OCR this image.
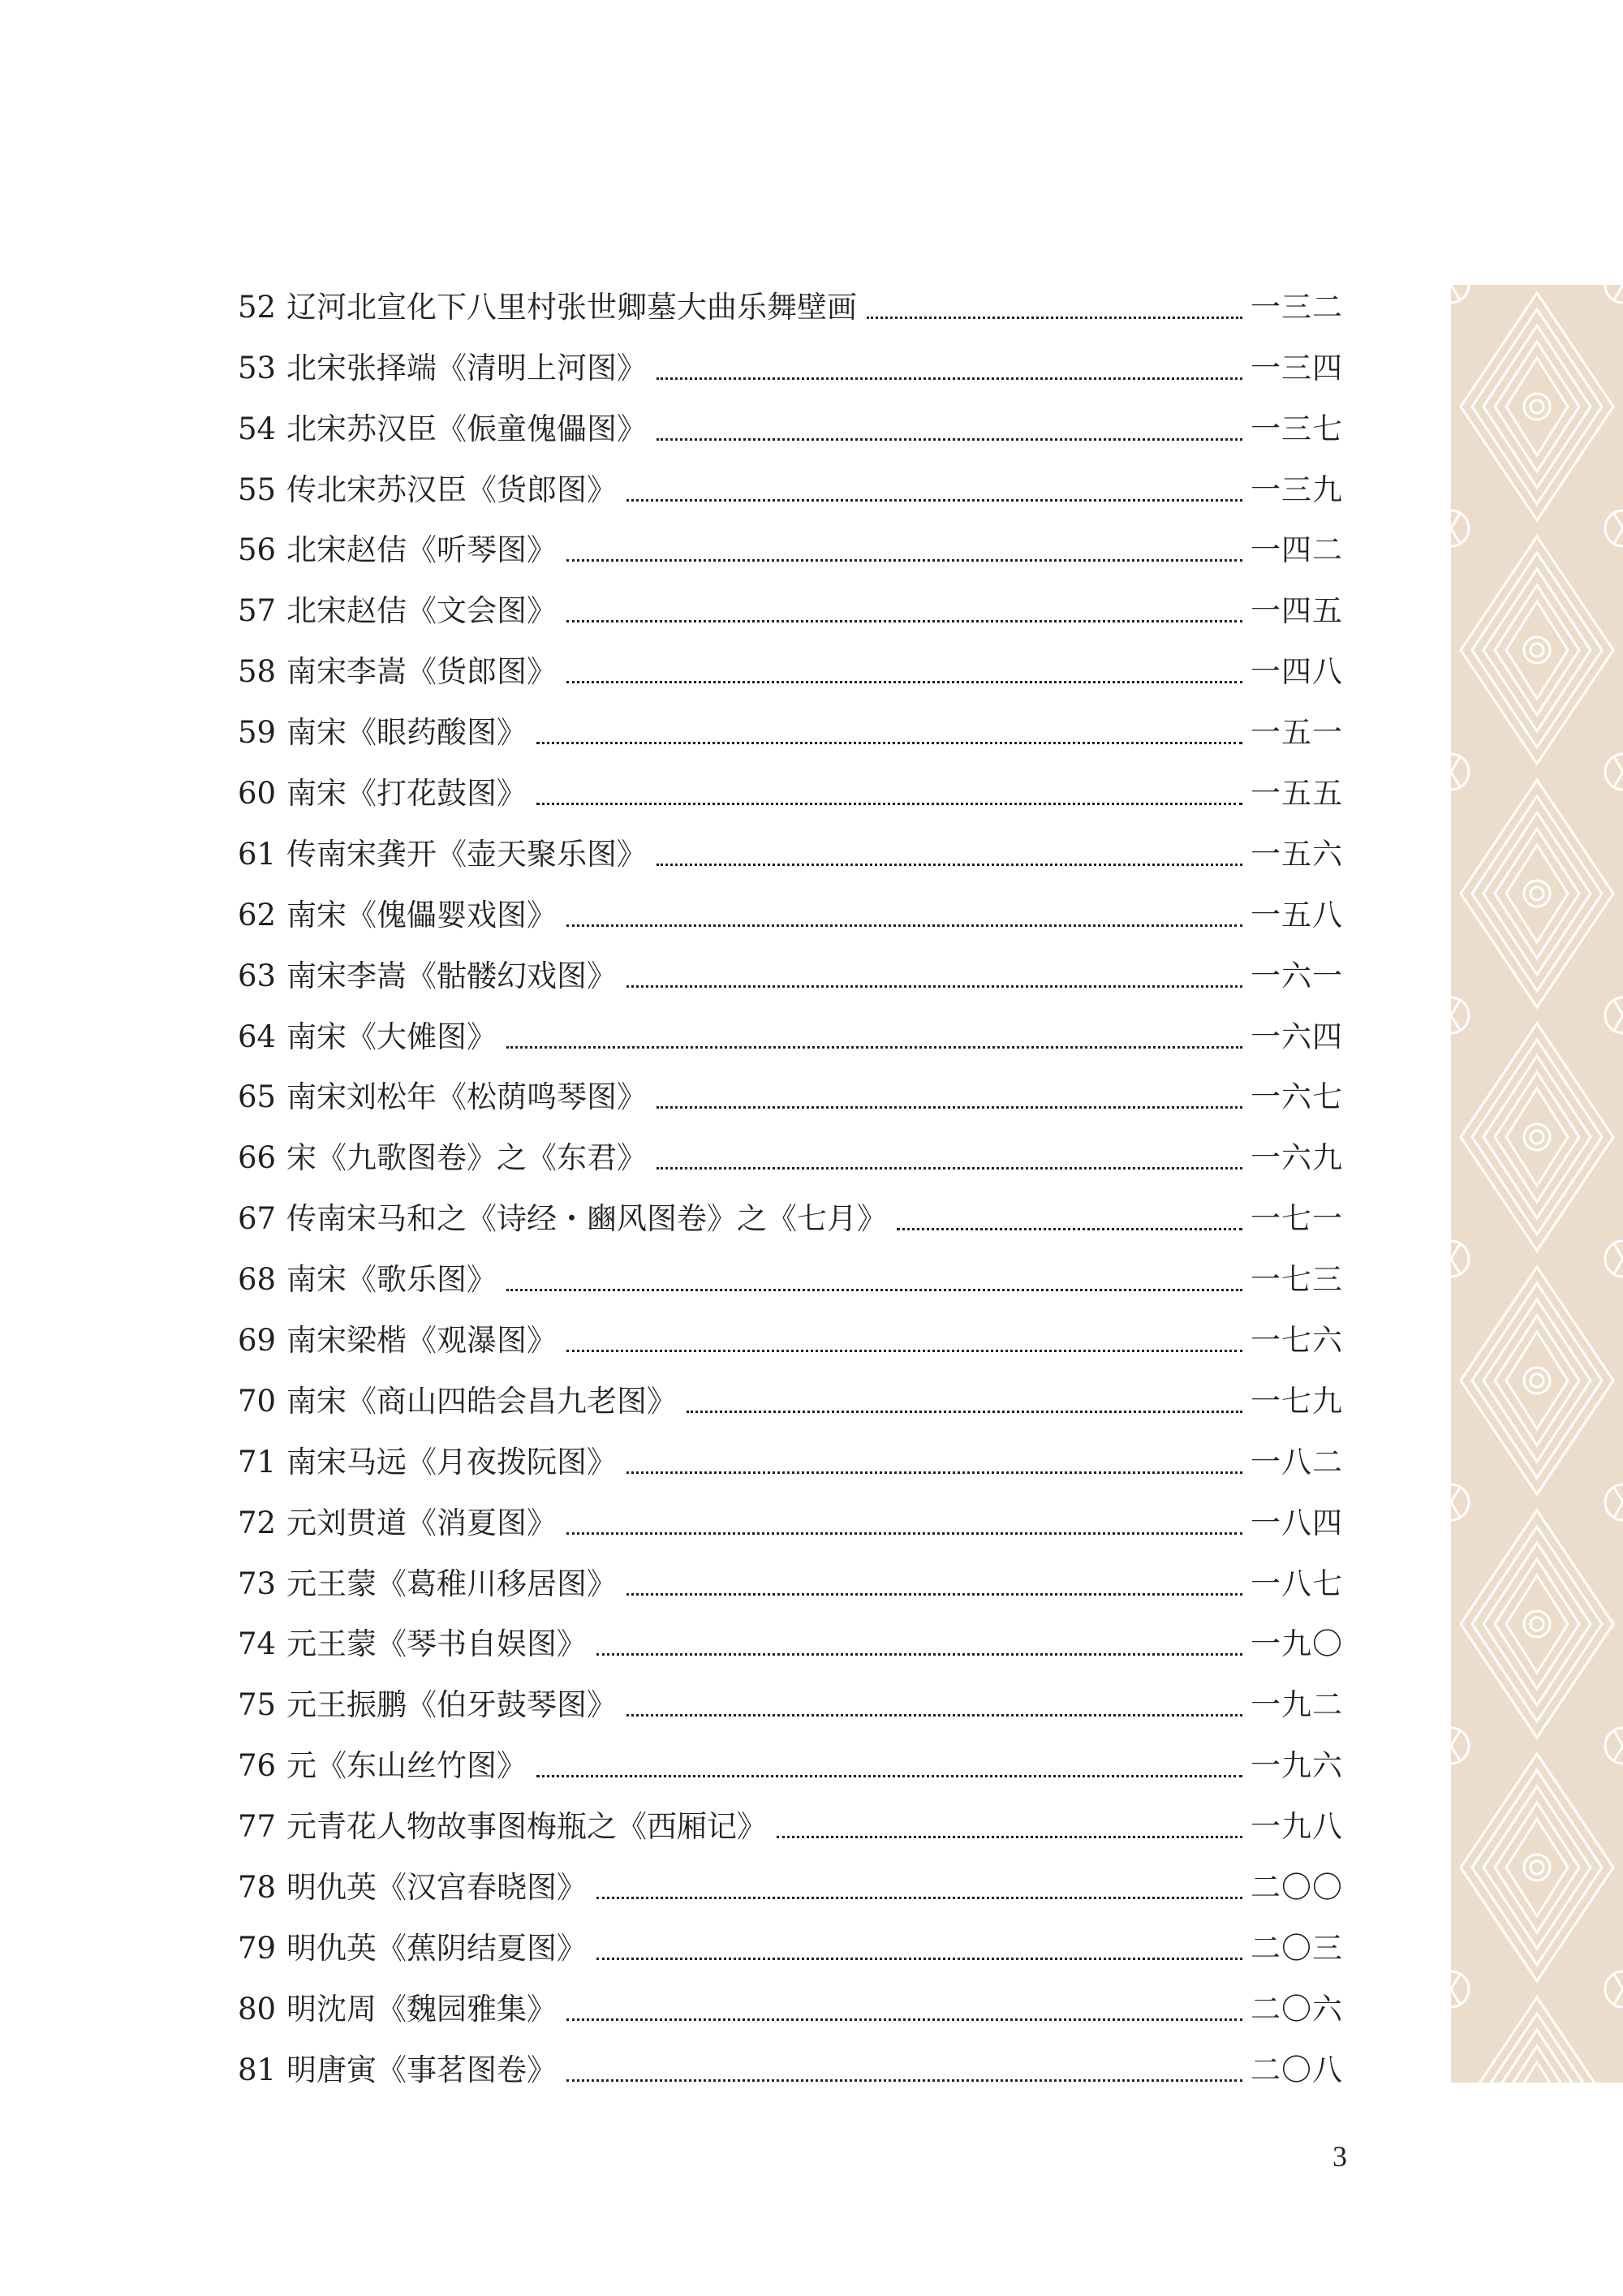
52 辽河北宣化下八里村张世卿墓大曲乐舞壁画	一三二
53 北宋张择端《清明上河图》	一三四
54 北宋苏汉臣《侲童傀儡图》	一三七
55 传北宋苏汉臣《货郎图》	一三九
56 北宋赵佶《听琴图》	一四二
57 北宋赵佶《文会图》	一四五
58 南宋李嵩《货郎图》	一四八
59 南宋《眼药酸图》	一五一
60 南宋《打花鼓图》	一五五
61 传南宋龚开《壶天聚乐图》	一五六
62 南宋《傀儡婴戏图》	一五八
63 南宋李嵩《骷髅幻戏图》	一六一
64 南宋《大傩图》	一六四
65 南宋刘松年《松荫鸣琴图》	一六七
66 宋《九歌图卷》之《东君》	一六九
67 传南宋马和之《诗经・豳风图卷》之《七月》	一七一
68 南宋《歌乐图》	一七三
69 南宋梁楷《观瀑图》	一七六
70 南宋《商山四皓会昌九老图》	一七九
71 南宋马远《月夜拨阮图》	一八二
72 元刘贯道《消夏图》	一八四
73 元王蒙《葛稚川移居图》	一八七
74 元王蒙《琴书自娱图》	一九〇
75 元王振鹏《伯牙鼓琴图》	一九二
76 元《东山丝竹图》	一九六
77 元青花人物故事图梅瓶之《西厢记》	一九八
78 明仇英《汉宫春晓图》	二〇〇
79 明仇英《蕉阴结夏图》	二〇三
80 明沈周《魏园雅集》	二〇六
81 明唐寅《事茗图卷》	二〇八
3
